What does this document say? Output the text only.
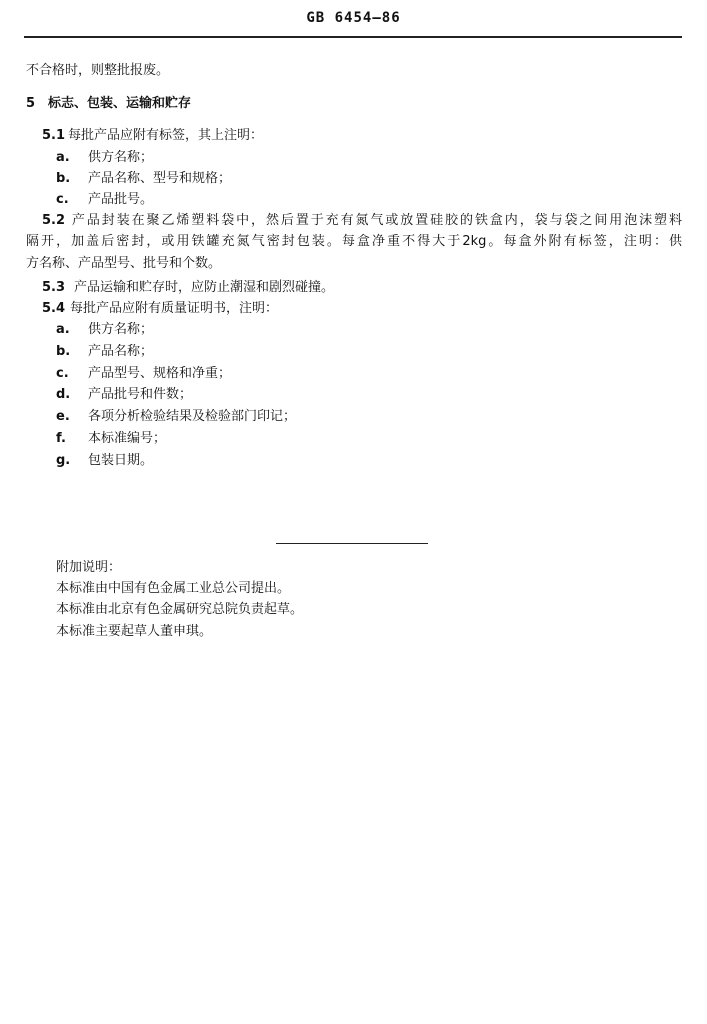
GB 6454—86
不合格时，则整批报废。
5 标志、包装、运输和贮存
5.1 每批产品应附有标签，其上注明：
a. 供方名称；
b. 产品名称、型号和规格；
c. 产品批号。
5.2 产品封装在聚乙烯塑料袋中，然后置于充有氮气或放置硅胶的铁盒内，袋与袋之间用泡沫塑料
隔开，加盖后密封，或用铁罐充氮气密封包装。每盒净重不得大于2kg。每盒外附有标签，注明：供
方名称、产品型号、批号和个数。
5.3 产品运输和贮存时，应防止潮湿和剧烈碰撞。
5.4 每批产品应附有质量证明书，注明：
a. 供方名称；
b. 产品名称；
c. 产品型号、规格和净重；
d. 产品批号和件数；
e. 各项分析检验结果及检验部门印记；
f. 本标准编号；
g. 包装日期。
附加说明：
本标准由中国有色金属工业总公司提出。
本标准由北京有色金属研究总院负责起草。
本标准主要起草人董申琪。
